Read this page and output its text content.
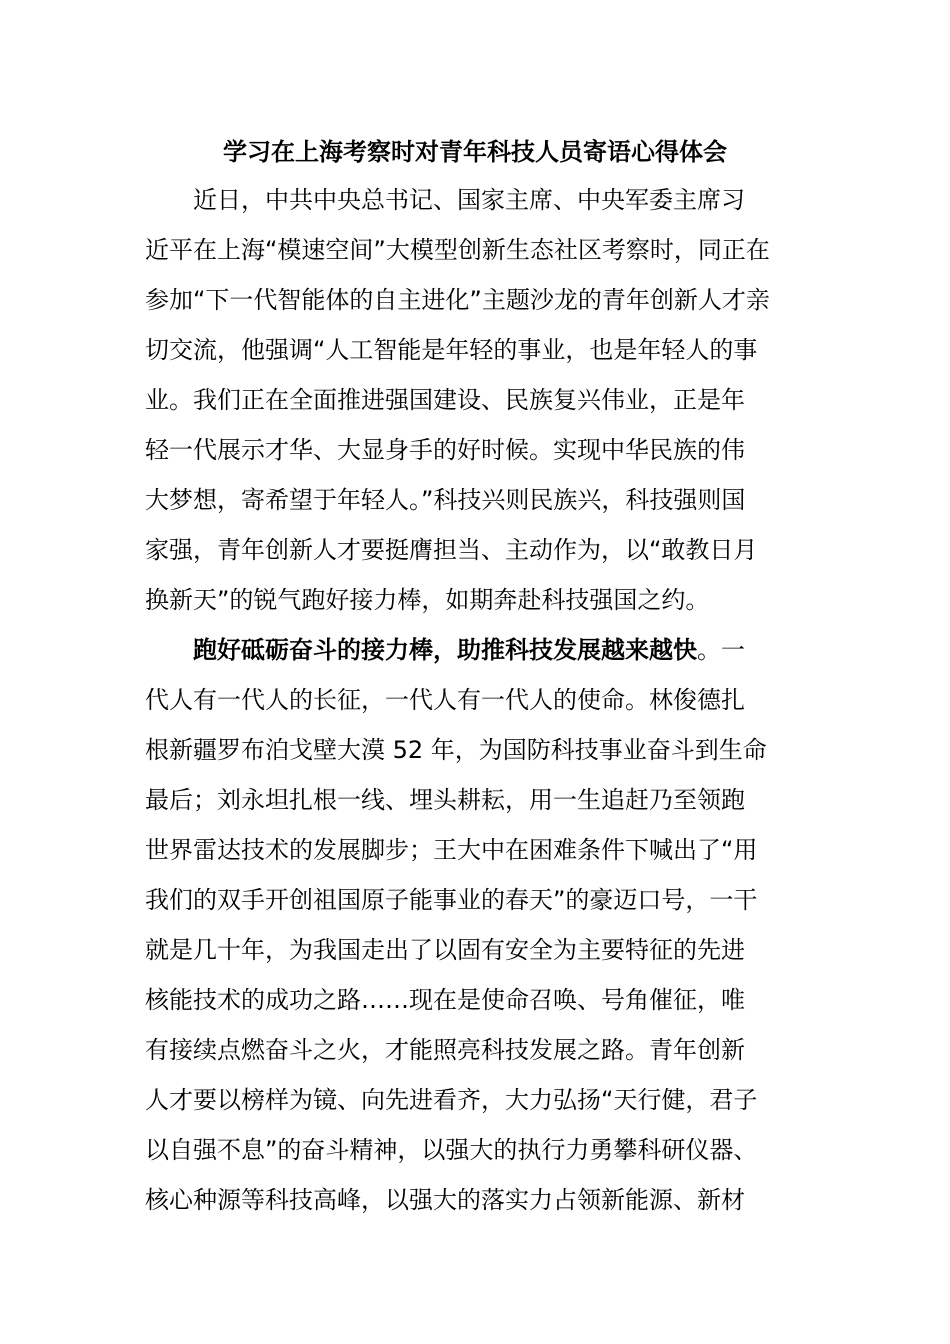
学习在上海考察时对青年科技人员寄语心得体会

近日，中共中央总书记、国家主席、中央军委主席习

近平在上海“模速空间”大模型创新生态社区考察时，同正在

参加“下一代智能体的自主进化”主题沙龙的青年创新人才亲

切交流，他强调“人工智能是年轻的事业，也是年轻人的事

业。我们正在全面推进强国建设、民族复兴伟业，正是年

轻一代展示才华、大显身手的好时候。实现中华民族的伟

大梦想，寄希望于年轻人。”科技兴则民族兴，科技强则国

家强，青年创新人才要挺膺担当、主动作为，以“敢教日月

换新天”的锐气跑好接力棒，如期奔赴科技强国之约。

跑好砥砺奋斗的接力棒，助推科技发展越来越快。一

代人有一代人的长征，一代人有一代人的使命。林俊德扎

根新疆罗布泊戈壁大漠 52 年，为国防科技事业奋斗到生命

最后；刘永坦扎根一线、埋头耕耘，用一生追赶乃至领跑

世界雷达技术的发展脚步；王大中在困难条件下喊出了“用

我们的双手开创祖国原子能事业的春天”的豪迈口号，一干

就是几十年，为我国走出了以固有安全为主要特征的先进

核能技术的成功之路……现在是使命召唤、号角催征，唯

有接续点燃奋斗之火，才能照亮科技发展之路。青年创新

人才要以榜样为镜、向先进看齐，大力弘扬“天行健，君子

以自强不息”的奋斗精神，以强大的执行力勇攀科研仪器、

核心种源等科技高峰，以强大的落实力占领新能源、新材
